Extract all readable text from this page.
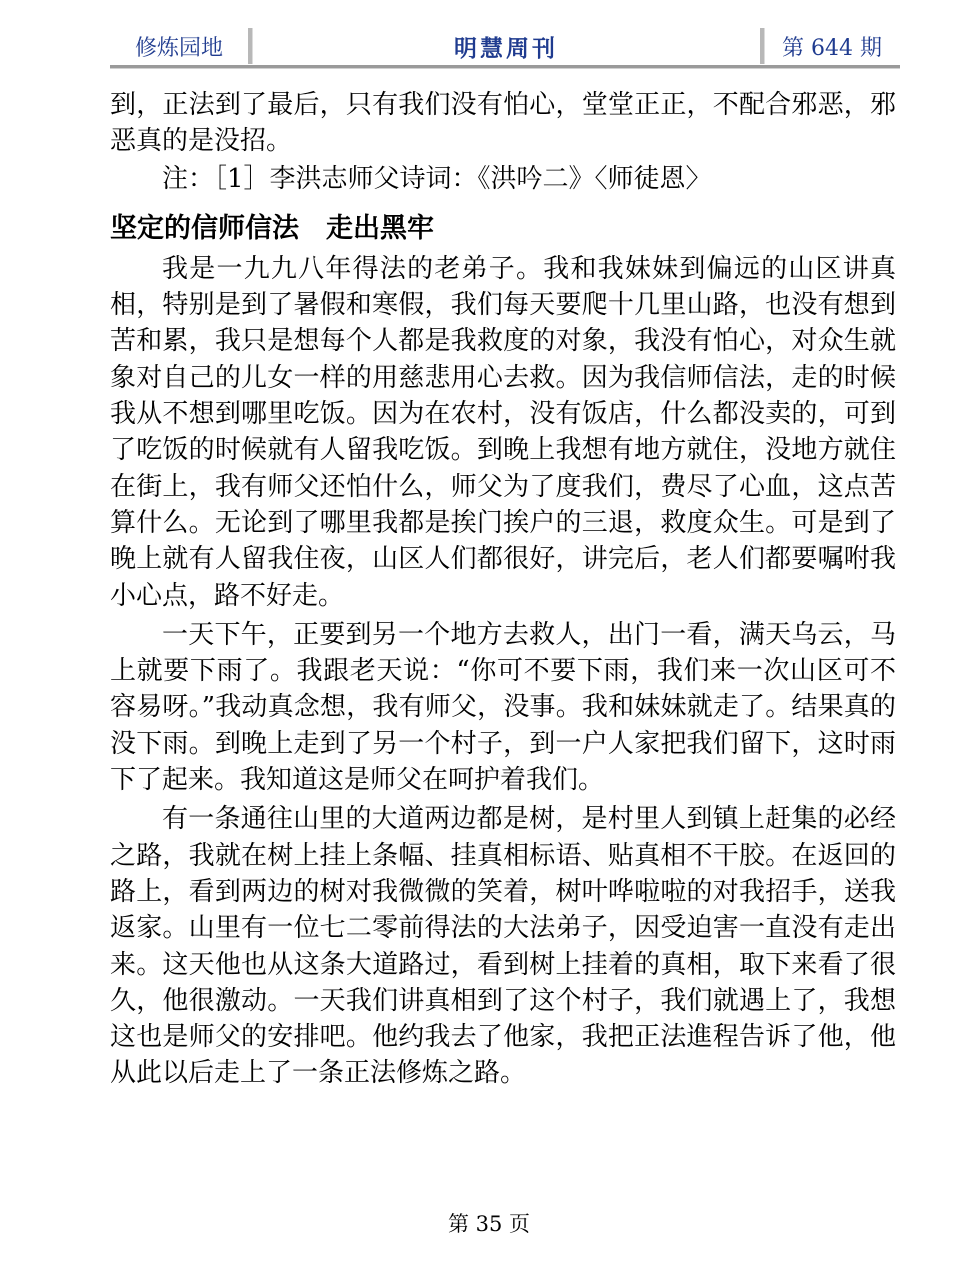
修炼园地	明慧周刊	第 644 期

到，正法到了最后，只有我们没有怕心，堂堂正正，不配合邪恶，邪恶真的是没招。

注：［1］李洪志师父诗词：《洪吟二》〈师徒恩〉

坚定的信师信法　走出黑牢

我是一九九八年得法的老弟子。我和我妹妹到偏远的山区讲真相，特别是到了暑假和寒假，我们每天要爬十几里山路，也没有想到苦和累，我只是想每个人都是我救度的对象，我没有怕心，对众生就象对自己的儿女一样的用慈悲用心去救。因为我信师信法，走的时候我从不想到哪里吃饭。因为在农村，没有饭店，什么都没卖的，可到了吃饭的时候就有人留我吃饭。到晚上我想有地方就住，没地方就住在街上，我有师父还怕什么，师父为了度我们，费尽了心血，这点苦算什么。无论到了哪里我都是挨门挨户的三退，救度众生。可是到了晚上就有人留我住夜，山区人们都很好，讲完后，老人们都要嘱咐我小心点，路不好走。

一天下午，正要到另一个地方去救人，出门一看，满天乌云，马上就要下雨了。我跟老天说：“你可不要下雨，我们来一次山区可不容易呀。”我动真念想，我有师父，没事。我和妹妹就走了。结果真的没下雨。到晚上走到了另一个村子，到一户人家把我们留下，这时雨下了起来。我知道这是师父在呵护着我们。

有一条通往山里的大道两边都是树，是村里人到镇上赶集的必经之路，我就在树上挂上条幅、挂真相标语、贴真相不干胶。在返回的路上，看到两边的树对我微微的笑着，树叶哗啦啦的对我招手，送我返家。山里有一位七二零前得法的大法弟子，因受迫害一直没有走出来。这天他也从这条大道路过，看到树上挂着的真相，取下来看了很久，他很激动。一天我们讲真相到了这个村子，我们就遇上了，我想这也是师父的安排吧。他约我去了他家，我把正法進程告诉了他，他从此以后走上了一条正法修炼之路。

第 35 页
